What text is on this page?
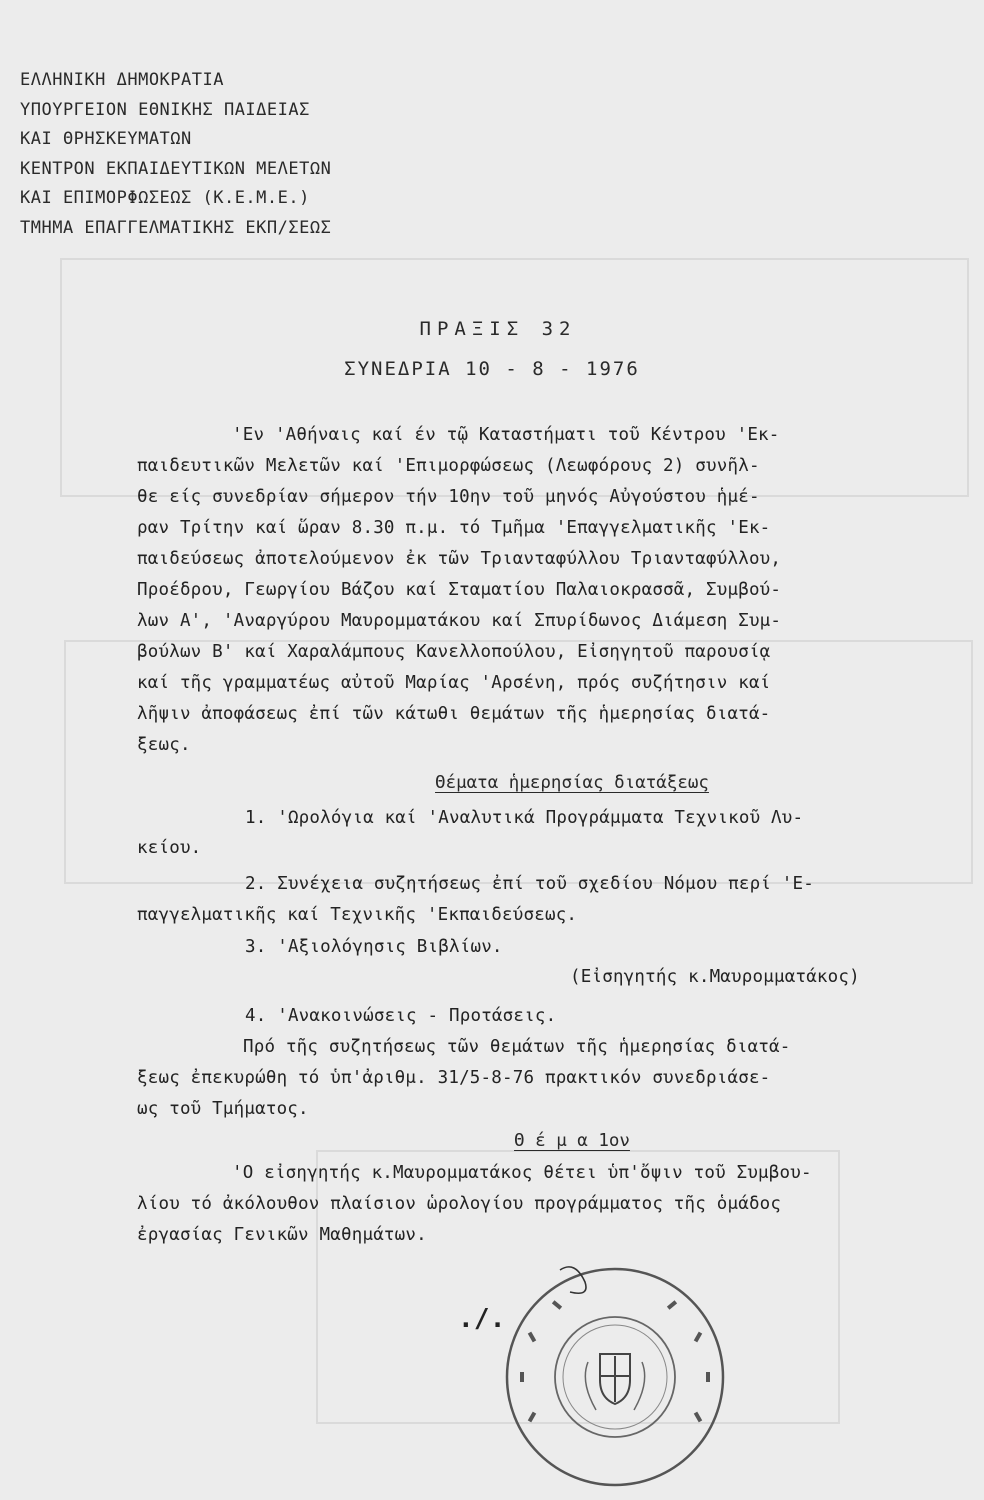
ΕΛΛΗΝΙΚΗ ΔΗΜΟΚΡΑΤΙΑ
ΥΠΟΥΡΓΕΙΟΝ ΕΘΝΙΚΗΣ ΠΑΙΔΕΙΑΣ
ΚΑΙ ΘΡΗΣΚΕΥΜΑΤΩΝ
ΚΕΝΤΡΟΝ ΕΚΠΑΙΔΕΥΤΙΚΩΝ ΜΕΛΕΤΩΝ
ΚΑΙ ΕΠΙΜΟΡΦΩΣΕΩΣ (Κ.Ε.Μ.Ε.)
ΤΜΗΜΑ ΕΠΑΓΓΕΛΜΑΤΙΚΗΣ ΕΚΠ/ΣΕΩΣ
ΠΡΑΞΙΣ 32
ΣΥΝΕΔΡΙΑ 10 - 8 - 1976
'Εν 'Αθήναις καί έν τῷ Καταστήματι τοῦ Κέντρου 'Εκ-
παιδευτικῶν Μελετῶν καί 'Επιμορφώσεως (Λεωφόρους 2) συνῆλ-
θε είς συνεδρίαν σήμερον τήν 10ην τοῦ μηνός Αὐγούστου ἡμέ-
ραν Τρίτην καί ὥραν 8.30 π.μ. τό Τμῆμα 'Επαγγελματικῆς 'Εκ-
παιδεύσεως ἀποτελούμενον ἐκ τῶν Τριανταφύλλου Τριανταφύλλου,
Προέδρου, Γεωργίου Βάζου καί Σταματίου Παλαιοκρασσᾶ, Συμβού-
λων Α', 'Αναργύρου Μαυρομματάκου καί Σπυρίδωνος Διάμεση Συμ-
βούλων Β' καί Χαραλάμπους Κανελλοπούλου, Εἰσηγητοῦ παρουσίᾳ
καί τῆς γραμματέως αὐτοῦ Μαρίας 'Αρσένη, πρός συζήτησιν καί
λῆψιν ἀποφάσεως ἐπί τῶν κάτωθι θεμάτων τῆς ἡμερησίας διατά-
ξεως.
Θέματα ἡμερησίας διατάξεως
1. 'Ωρολόγια καί 'Αναλυτικά Προγράμματα Τεχνικοῦ Λυ-
κείου.
2. Συνέχεια συζητήσεως ἐπί τοῦ σχεδίου Νόμου περί 'Ε-
παγγελματικῆς καί Τεχνικῆς 'Εκπαιδεύσεως.
3. 'Αξιολόγησις Βιβλίων.
(Εἰσηγητής κ.Μαυρομματάκος)
4. 'Ανακοινώσεις - Προτάσεις.
Πρό τῆς συζητήσεως τῶν θεμάτων τῆς ἡμερησίας διατά-
ξεως ἐπεκυρώθη τό ὑπ'ἀριθμ. 31/5-8-76 πρακτικόν συνεδριάσε-
ως τοῦ Τμήματος.
Θ έ μ α 1ον
'Ο εἰσηγητής κ.Μαυρομματάκος θέτει ὑπ'ὄψιν τοῦ Συμβου-
λίου τό ἀκόλουθον πλαίσιον ὡρολογίου προγράμματος τῆς ὁμάδος
ἐργασίας Γενικῶν Μαθημάτων.
./.
